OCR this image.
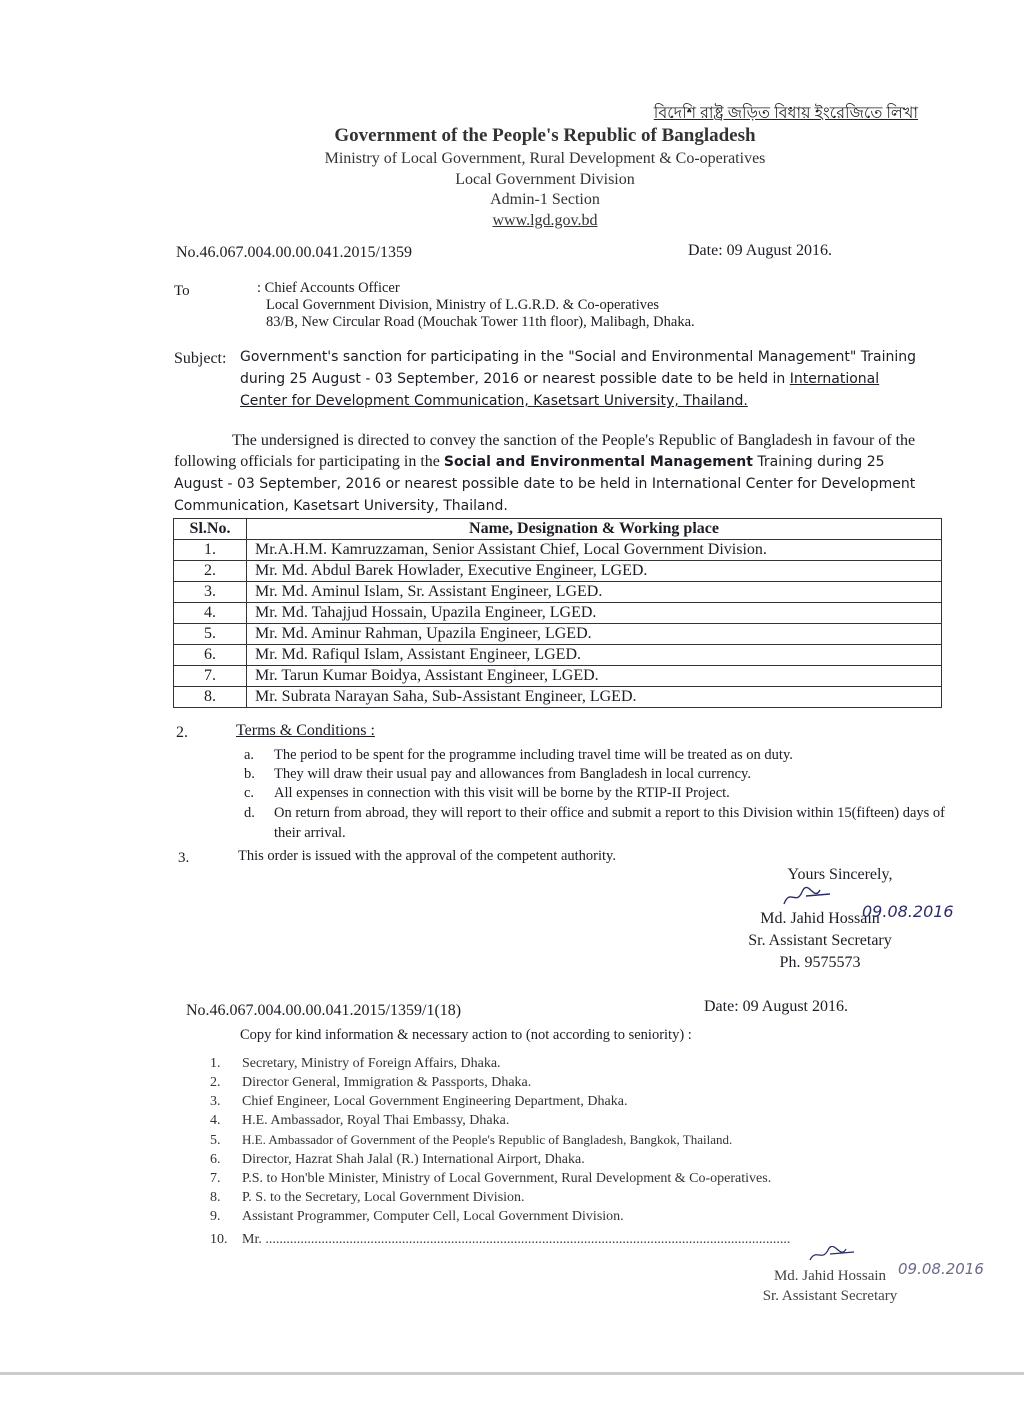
বিদেশি রাষ্ট্র জড়িত বিধায় ইংরেজিতে লিখা
Government of the People's Republic of Bangladesh
Ministry of Local Government, Rural Development & Co-operatives
Local Government Division
Admin-1 Section
www.lgd.gov.bd
No.46.067.004.00.00.041.2015/1359	Date: 09 August 2016.
To	: Chief Accounts Officer
Local Government Division, Ministry of L.G.R.D. & Co-operatives
83/B, New Circular Road (Mouchak Tower 11th floor), Malibagh, Dhaka.
Subject: Government's sanction for participating in the "Social and Environmental Management" Training during 25 August - 03 September, 2016 or nearest possible date to be held in International Center for Development Communication, Kasetsart University, Thailand.
The undersigned is directed to convey the sanction of the People's Republic of Bangladesh in favour of the following officials for participating in the Social and Environmental Management Training during 25 August - 03 September, 2016 or nearest possible date to be held in International Center for Development Communication, Kasetsart University, Thailand.
Sl.No.	Name, Designation & Working place
1.	Mr.A.H.M. Kamruzzaman, Senior Assistant Chief, Local Government Division.
2.	Mr. Md. Abdul Barek Howlader, Executive Engineer, LGED.
3.	Mr. Md. Aminul Islam, Sr. Assistant Engineer, LGED.
4.	Mr. Md. Tahajjud Hossain, Upazila Engineer, LGED.
5.	Mr. Md. Aminur Rahman, Upazila Engineer, LGED.
6.	Mr. Md. Rafiqul Islam, Assistant Engineer, LGED.
7.	Mr. Tarun Kumar Boidya, Assistant Engineer, LGED.
8.	Mr. Subrata Narayan Saha, Sub-Assistant Engineer, LGED.
2.	Terms & Conditions :
a. The period to be spent for the programme including travel time will be treated as on duty.
b. They will draw their usual pay and allowances from Bangladesh in local currency.
c. All expenses in connection with this visit will be borne by the RTIP-II Project.
d. On return from abroad, they will report to their office and submit a report to this Division within 15(fifteen) days of their arrival.
3.	This order is issued with the approval of the competent authority.
Yours Sincerely,
Md. Jahid Hossain
Sr. Assistant Secretary
Ph. 9575573
09.08.2016
No.46.067.004.00.00.041.2015/1359/1(18)	Date: 09 August 2016.
Copy for kind information & necessary action to (not according to seniority) :
1. Secretary, Ministry of Foreign Affairs, Dhaka.
2. Director General, Immigration & Passports, Dhaka.
3. Chief Engineer, Local Government Engineering Department, Dhaka.
4. H.E. Ambassador, Royal Thai Embassy, Dhaka.
5. H.E. Ambassador of Government of the People's Republic of Bangladesh, Bangkok, Thailand.
6. Director, Hazrat Shah Jalal (R.) International Airport, Dhaka.
7. P.S. to Hon'ble Minister, Ministry of Local Government, Rural Development & Co-operatives.
8. P. S. to the Secretary, Local Government Division.
9. Assistant Programmer, Computer Cell, Local Government Division.
10. Mr. ......................................................................................................................................................
Md. Jahid Hossain
Sr. Assistant Secretary
09.08.2016
